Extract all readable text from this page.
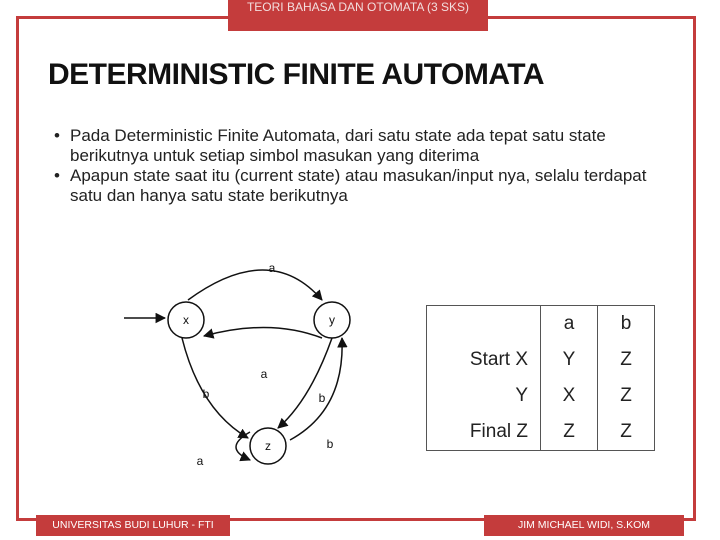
TEORI BAHASA DAN OTOMATA (3 SKS)
DETERMINISTIC FINITE AUTOMATA
• Pada Deterministic Finite Automata, dari satu state ada tepat satu state berikutnya untuk setiap simbol masukan yang diterima
• Apapun state saat itu (current state) atau masukan/input nya, selalu terdapat satu dan hanya satu state berikutnya
x	y
z
a
a
b	b
b
a
	a	b
Start X	Y	Z
Y	X	Z
Final Z	Z	Z
UNIVERSITAS BUDI LUHUR - FTI	JIM MICHAEL WIDI, S.KOM
